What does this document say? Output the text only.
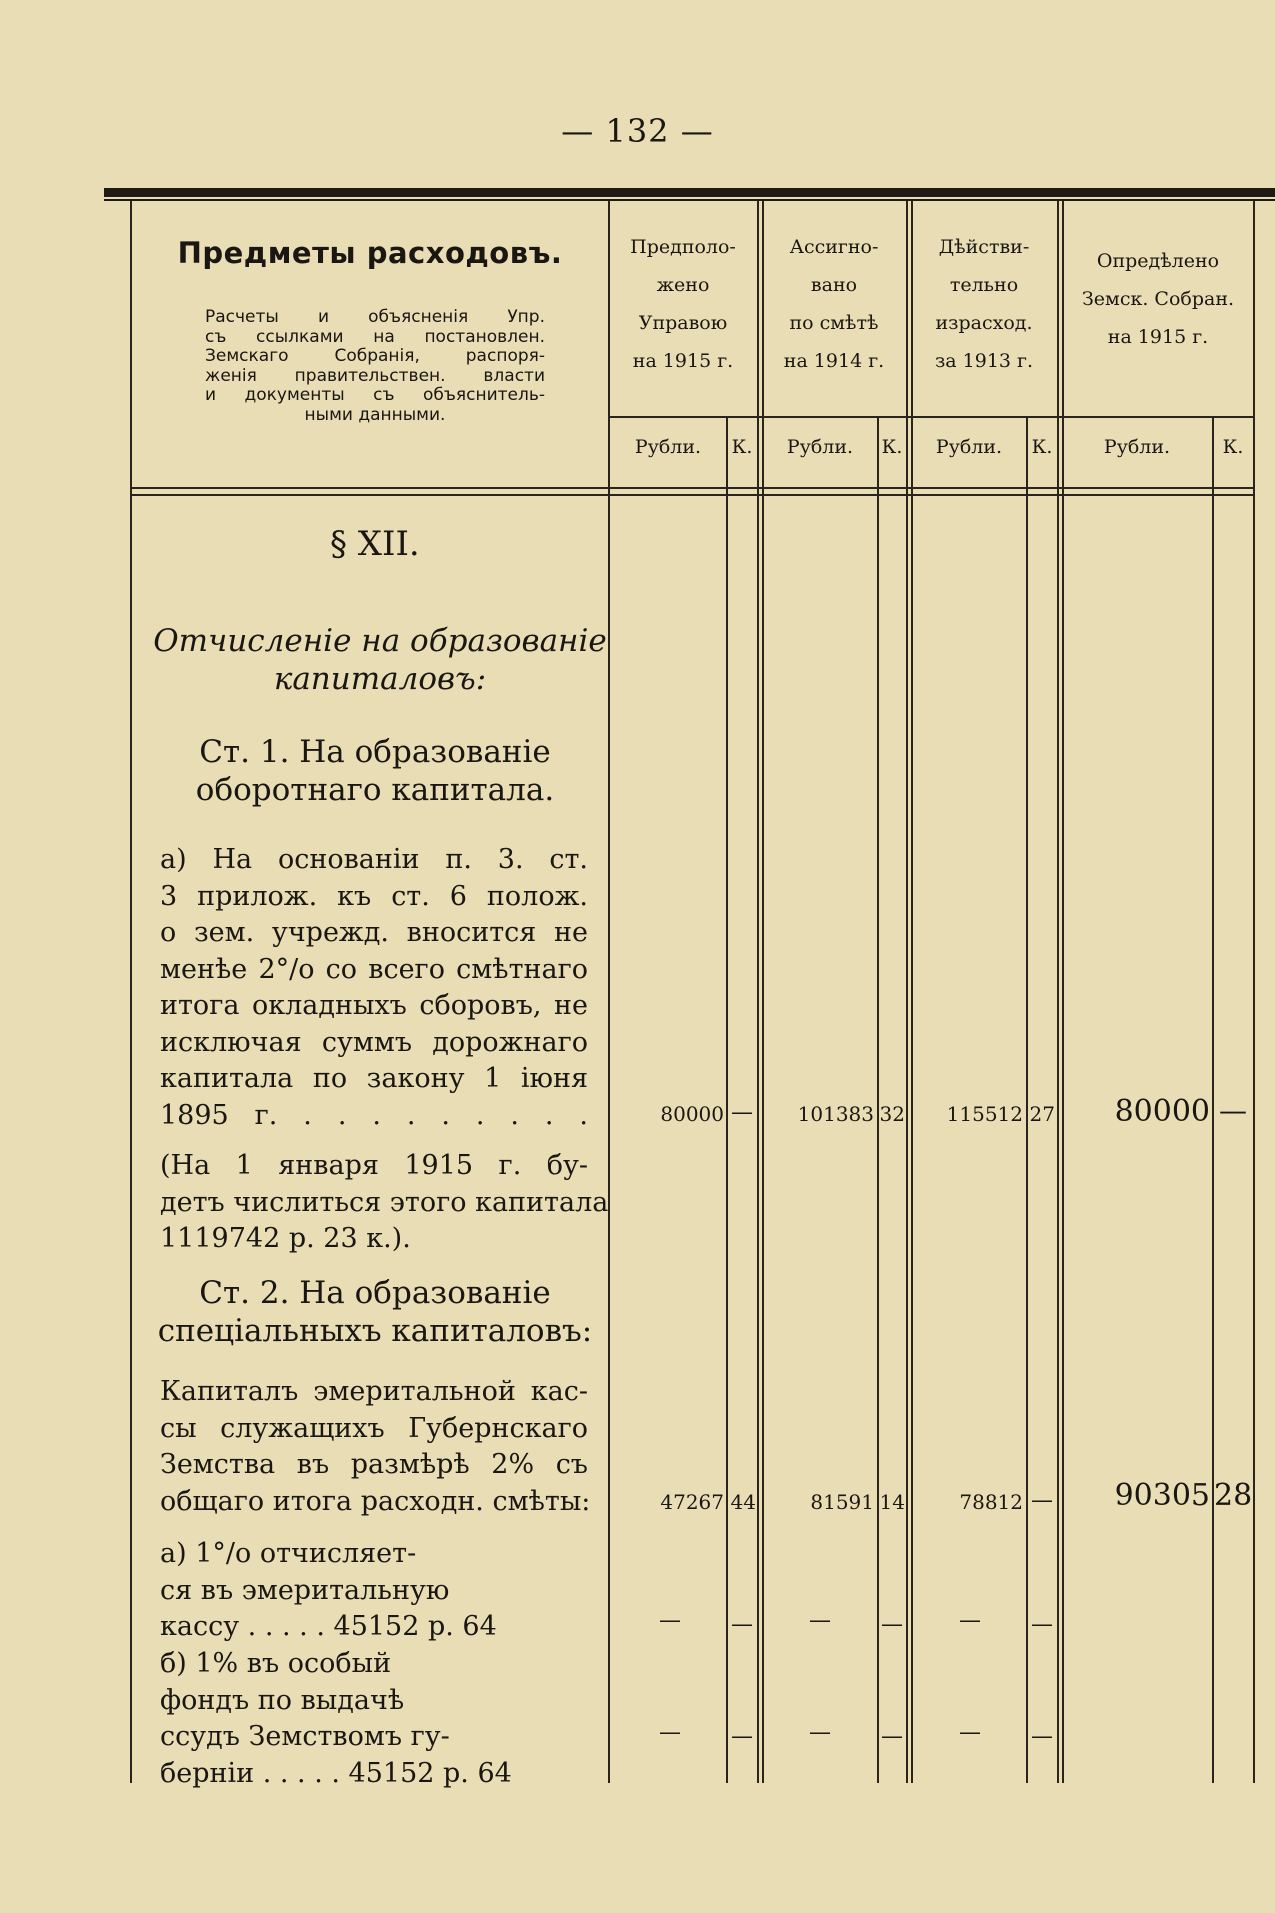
— 132 —
Предметы расходовъ.
Расчеты и объясненія Упр.
съ ссылками на постановлен.
Земскаго Собранія, распоря-
женія правительствен. власти
и документы съ объяснитель-
ными данными.
Предполо-
жено
Управою
на 1915 г.
Ассигно-
вано
по смѣтѣ
на 1914 г.
Дѣйстви-
тельно
израсход.
за 1913 г.
Опредѣлено
Земск. Собран.
на 1915 г.
Рубли.	К.	Рубли.	К.	Рубли.	К.	Рубли.	К.
§ XII.
Отчисленіе на образованіе
капиталовъ:
Ст. 1. На образованіе
оборотнаго капитала.
а) На основаніи п. 3. ст.
3 прилож. къ ст. 6 полож.
о зем. учрежд. вносится не
менѣе 2°/о со всего смѣтнаго
итога окладныхъ сборовъ, не
исключая суммъ дорожнаго
капитала по закону 1 іюня
1895 г. . . . . . . . . .
(На 1 января 1915 г. бу-
детъ числиться этого капитала
1119742 р. 23 к.).
80000 —	101383 32	115512 27	80000 —
Ст. 2. На образованіе
спеціальныхъ капиталовъ:
Капиталъ эмеритальной кас-
сы служащихъ Губернскаго
Земства въ размѣрѣ 2% съ
общаго итога расходн. смѣты:	47267 44	81591 14	78812 —	90305 28
а) 1°/о отчисляет-
ся въ эмеритальную
кассу . . . . . 45152 р. 64
б) 1% въ особый
фондъ по выдачѣ
ссудъ Земствомъ гу-
берніи . . . . . 45152 р. 64
—	—	—	—	—	—
—	—	—	—	—	—
